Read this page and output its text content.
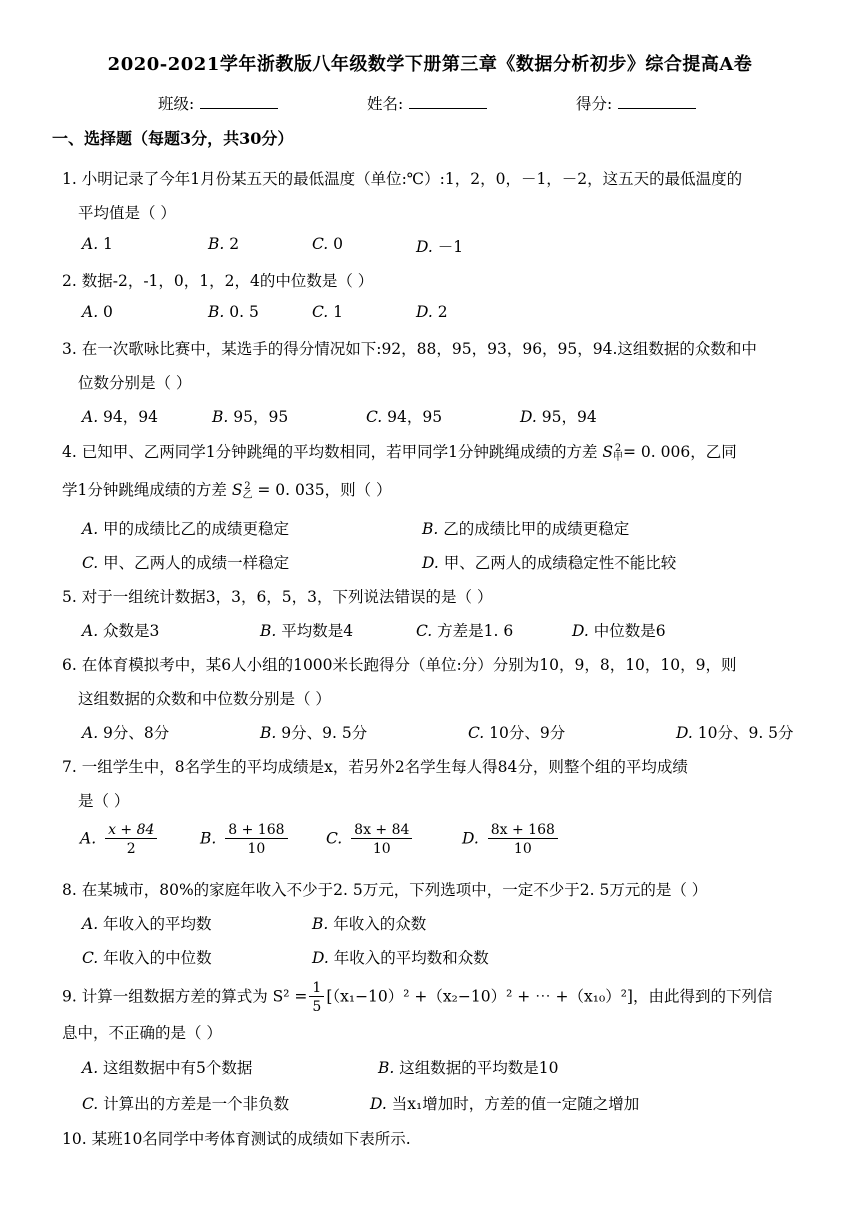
2020-2021学年浙教版八年级数学下册第三章《数据分析初步》综合提高A卷
班级:	姓名:	得分:
一、选择题（每题3分，共30分）
1. 小明记录了今年1月份某五天的最低温度（单位:℃）:1，2，0，－1，－2，这五天的最低温度的
平均值是（ ）
A. 1	B. 2	C. 0	D. －1
2. 数据-2，-1，0，1，2，4的中位数是（ ）
A. 0	B. 0. 5	C. 1	D. 2
3. 在一次歌咏比赛中，某选手的得分情况如下:92，88，95，93，96，95，94.这组数据的众数和中
位数分别是（ ）
A. 94，94	B. 95，95	C. 94，95	D. 95，94
4. 已知甲、乙两同学1分钟跳绳的平均数相同，若甲同学1分钟跳绳成绩的方差 S 2
甲= 0. 006，乙同
学1分钟跳绳成绩的方差 S 2
乙 = 0. 035，则（ ）
A. 甲的成绩比乙的成绩更稳定	B. 乙的成绩比甲的成绩更稳定
C. 甲、乙两人的成绩一样稳定	D. 甲、乙两人的成绩稳定性不能比较
5. 对于一组统计数据3，3，6，5，3，下列说法错误的是（ ）
A. 众数是3	B. 平均数是4	C. 方差是1. 6	D. 中位数是6
6. 在体育模拟考中，某6人小组的1000米长跑得分（单位:分）分别为10，9，8，10，10，9，则
这组数据的众数和中位数分别是（ ）
A. 9分、8分	B. 9分、9. 5分	C. 10分、9分	D. 10分、9. 5分
7. 一组学生中，8名学生的平均成绩是x，若另外2名学生每人得84分，则整个组的平均成绩
是（ ）
A. $\frac{x + 84}{2}$	B. $\frac{8 + 168}{10} C$. $\frac{8x + 84}{10}$	D. $\frac{8x + 168}{10}$
8. 在某城市，80%的家庭年收入不少于2. 5万元，下列选项中，一定不少于2. 5万元的是（ ）
A. 年收入的平均数	B. 年收入的众数
C. 年收入的中位数	D. 年收入的平均数和众数
9. 计算一组数据方差的算式为 $S^2 = \frac{1}{5} [(x_1-10)^2 +(x_2-10)^2$ + ⋯ +（x₁₀）²]，由此得到的下列信
息中，不正确的是（ ）
A. 这组数据中有5个数据	B. 这组数据的平均数是10
C. 计算出的方差是一个非负数	D. 当x₁增加时，方差的值一定随之增加
10. 某班10名同学中考体育测试的成绩如下表所示.
